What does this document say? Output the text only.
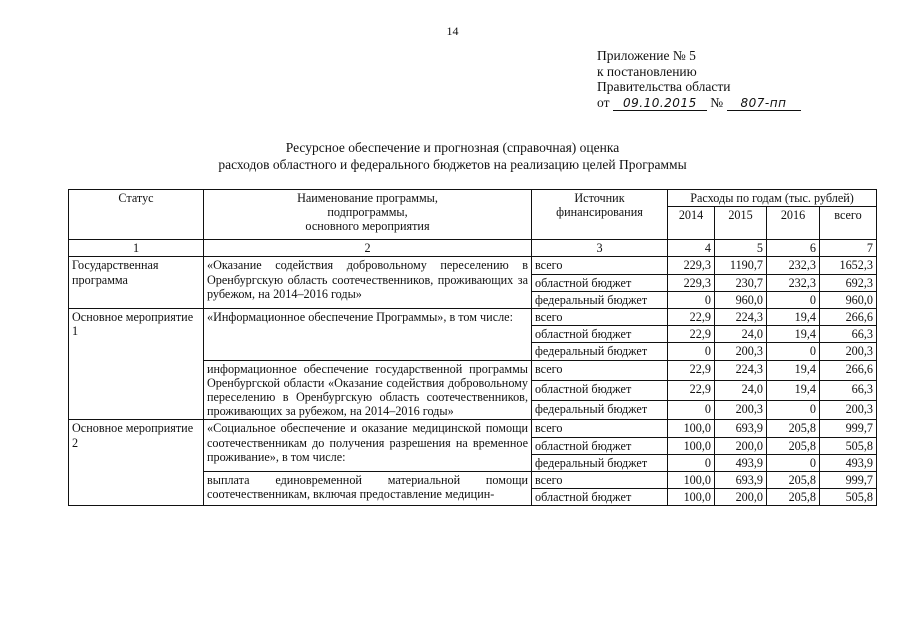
14
Приложение № 5
к постановлению
Правительства области
от 09.10.2015 № 807-пп
Ресурсное обеспечение и прогнозная (справочная) оценка
расходов областного и федерального бюджетов на реализацию целей Программы
Статус	Наименование программы,
подпрограммы,
основного мероприятия	Источник
финансирования	Расходы по годам (тыс. рублей)			
			2014	2015	2016	всего
1	2	3	4	5	6	7
Государственная программа	«Оказание содействия добровольному переселению в Оренбургскую область соотечественников, проживающих за рубежом, на 2014–2016 годы»	всего	229,3	1190,7	232,3	1652,3
		областной бюджет	229,3	230,7	232,3	692,3
		федеральный бюджет	0	960,0	0	960,0
Основное мероприятие 1	«Информационное обеспечение Программы», в том числе:	всего	22,9	224,3	19,4	266,6
		областной бюджет	22,9	24,0	19,4	66,3
		федеральный бюджет	0	200,3	0	200,3
	информационное обеспечение государственной программы Оренбургской области «Оказание содействия добровольному переселению в Оренбургскую область соотечественников, проживающих за рубежом, на 2014–2016 годы»	всего	22,9	224,3	19,4	266,6
		областной бюджет	22,9	24,0	19,4	66,3
		федеральный бюджет	0	200,3	0	200,3
Основное мероприятие 2	«Социальное обеспечение и оказание медицинской помощи соотечественникам до получения разрешения на временное проживание», в том числе:	всего	100,0	693,9	205,8	999,7
		областной бюджет	100,0	200,0	205,8	505,8
		федеральный бюджет	0	493,9	0	493,9
	выплата единовременной материальной помощи соотечественникам, включая предоставление медицин-	всего	100,0	693,9	205,8	999,7
		областной бюджет	100,0	200,0	205,8	505,8
